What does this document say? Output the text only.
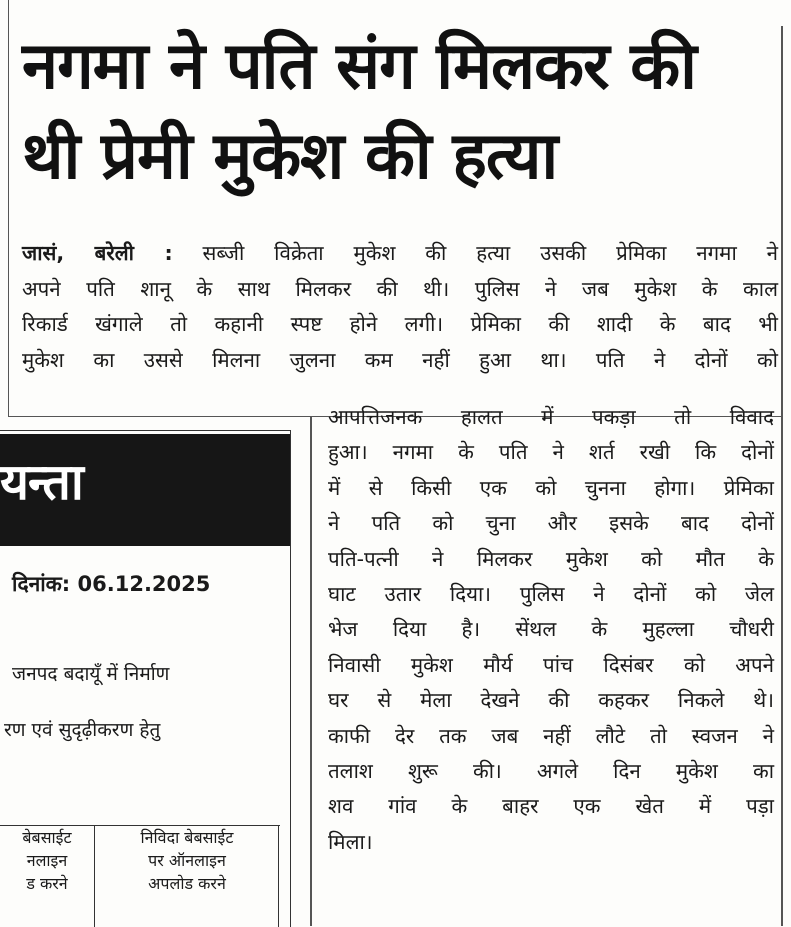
नगमा ने पति संग मिलकर की
थी प्रेमी मुकेश की हत्या
जासं, बरेली : सब्जी विक्रेता मुकेश की हत्या उसकी प्रेमिका नगमा ने
अपने पति शानू के साथ मिलकर की थी। पुलिस ने जब मुकेश के काल
रिकार्ड खंगाले तो कहानी स्पष्ट होने लगी। प्रेमिका की शादी के बाद भी
मुकेश का उससे मिलना जुलना कम नहीं हुआ था। पति ने दोनों को
आपत्तिजनक हालत में पकड़ा तो विवाद
हुआ। नगमा के पति ने शर्त रखी कि दोनों
में से किसी एक को चुनना होगा। प्रेमिका
ने पति को चुना और इसके बाद दोनों
पति-पत्नी ने मिलकर मुकेश को मौत के
घाट उतार दिया। पुलिस ने दोनों को जेल
भेज दिया है। सेंथल के मुहल्ला चौधरी
निवासी मुकेश मौर्य पांच दिसंबर को अपने
घर से मेला देखने की कहकर निकले थे।
काफी देर तक जब नहीं लौटे तो स्वजन ने
तलाश शुरू की। अगले दिन मुकेश का
शव गांव के बाहर एक खेत में पड़ा
मिला।
यन्ता
दिनांक: 06.12.2025
जनपद बदायूँ में निर्माण
रण एवं सुदृढ़ीकरण हेतु
बेबसाईट
नलाइन
ड करने
निविदा बेबसाईट
पर ऑनलाइन
अपलोड करने
